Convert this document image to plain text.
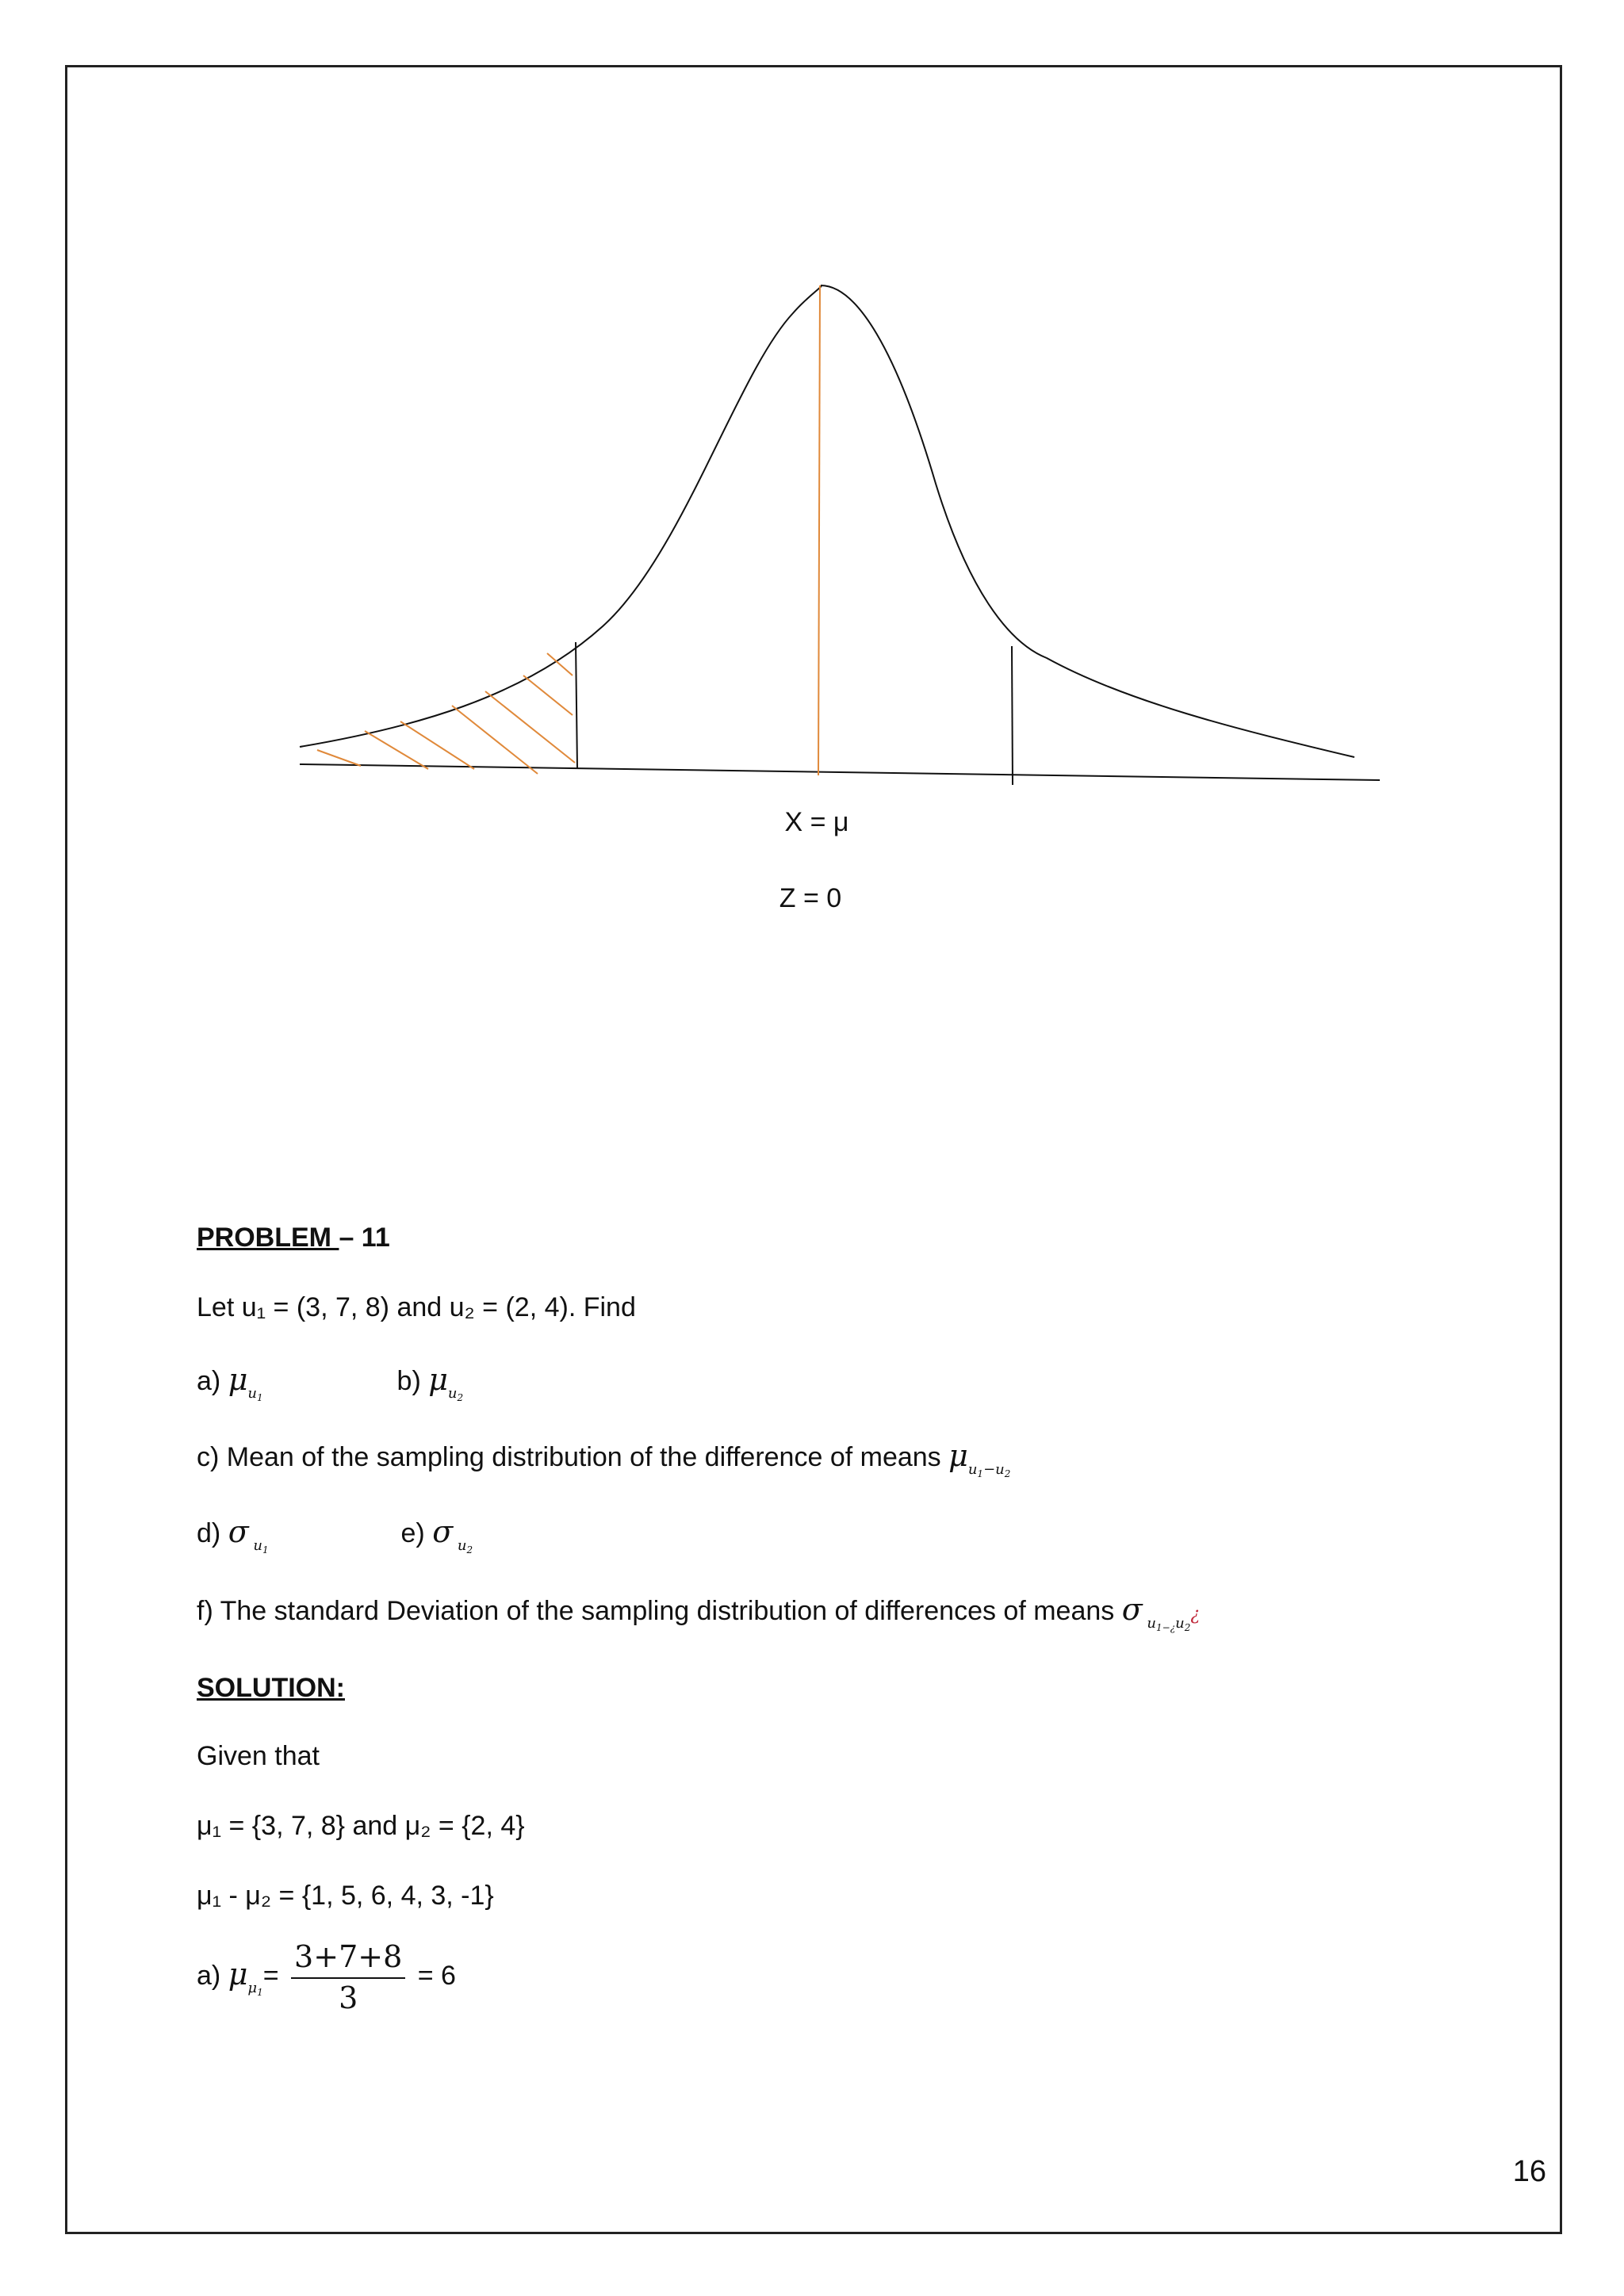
X = μ
Z = 0
PROBLEM – 11
Let u₁ = (3, 7, 8) and u₂ = (2, 4). Find
a) $\mu_{u_1}$  b) $\mu_{u_2}$
c) Mean of the sampling distribution of the difference of means $\mu_{u_1-u_2}$
d) σ $_{u_1}$  e) σ $_{u_2}$
f) The standard Deviation of the sampling distribution of differences of means σ $_{u_{1-¿}u_2}$¿
SOLUTION:
Given that
μ₁ = {3, 7, 8} and μ₂ = {2, 4}
μ₁ - μ₂ = {1, 5, 6, 4, 3, -1}
a) $\mu_{\mu_1}= \frac{3+7+8}{3} = 6$
16
